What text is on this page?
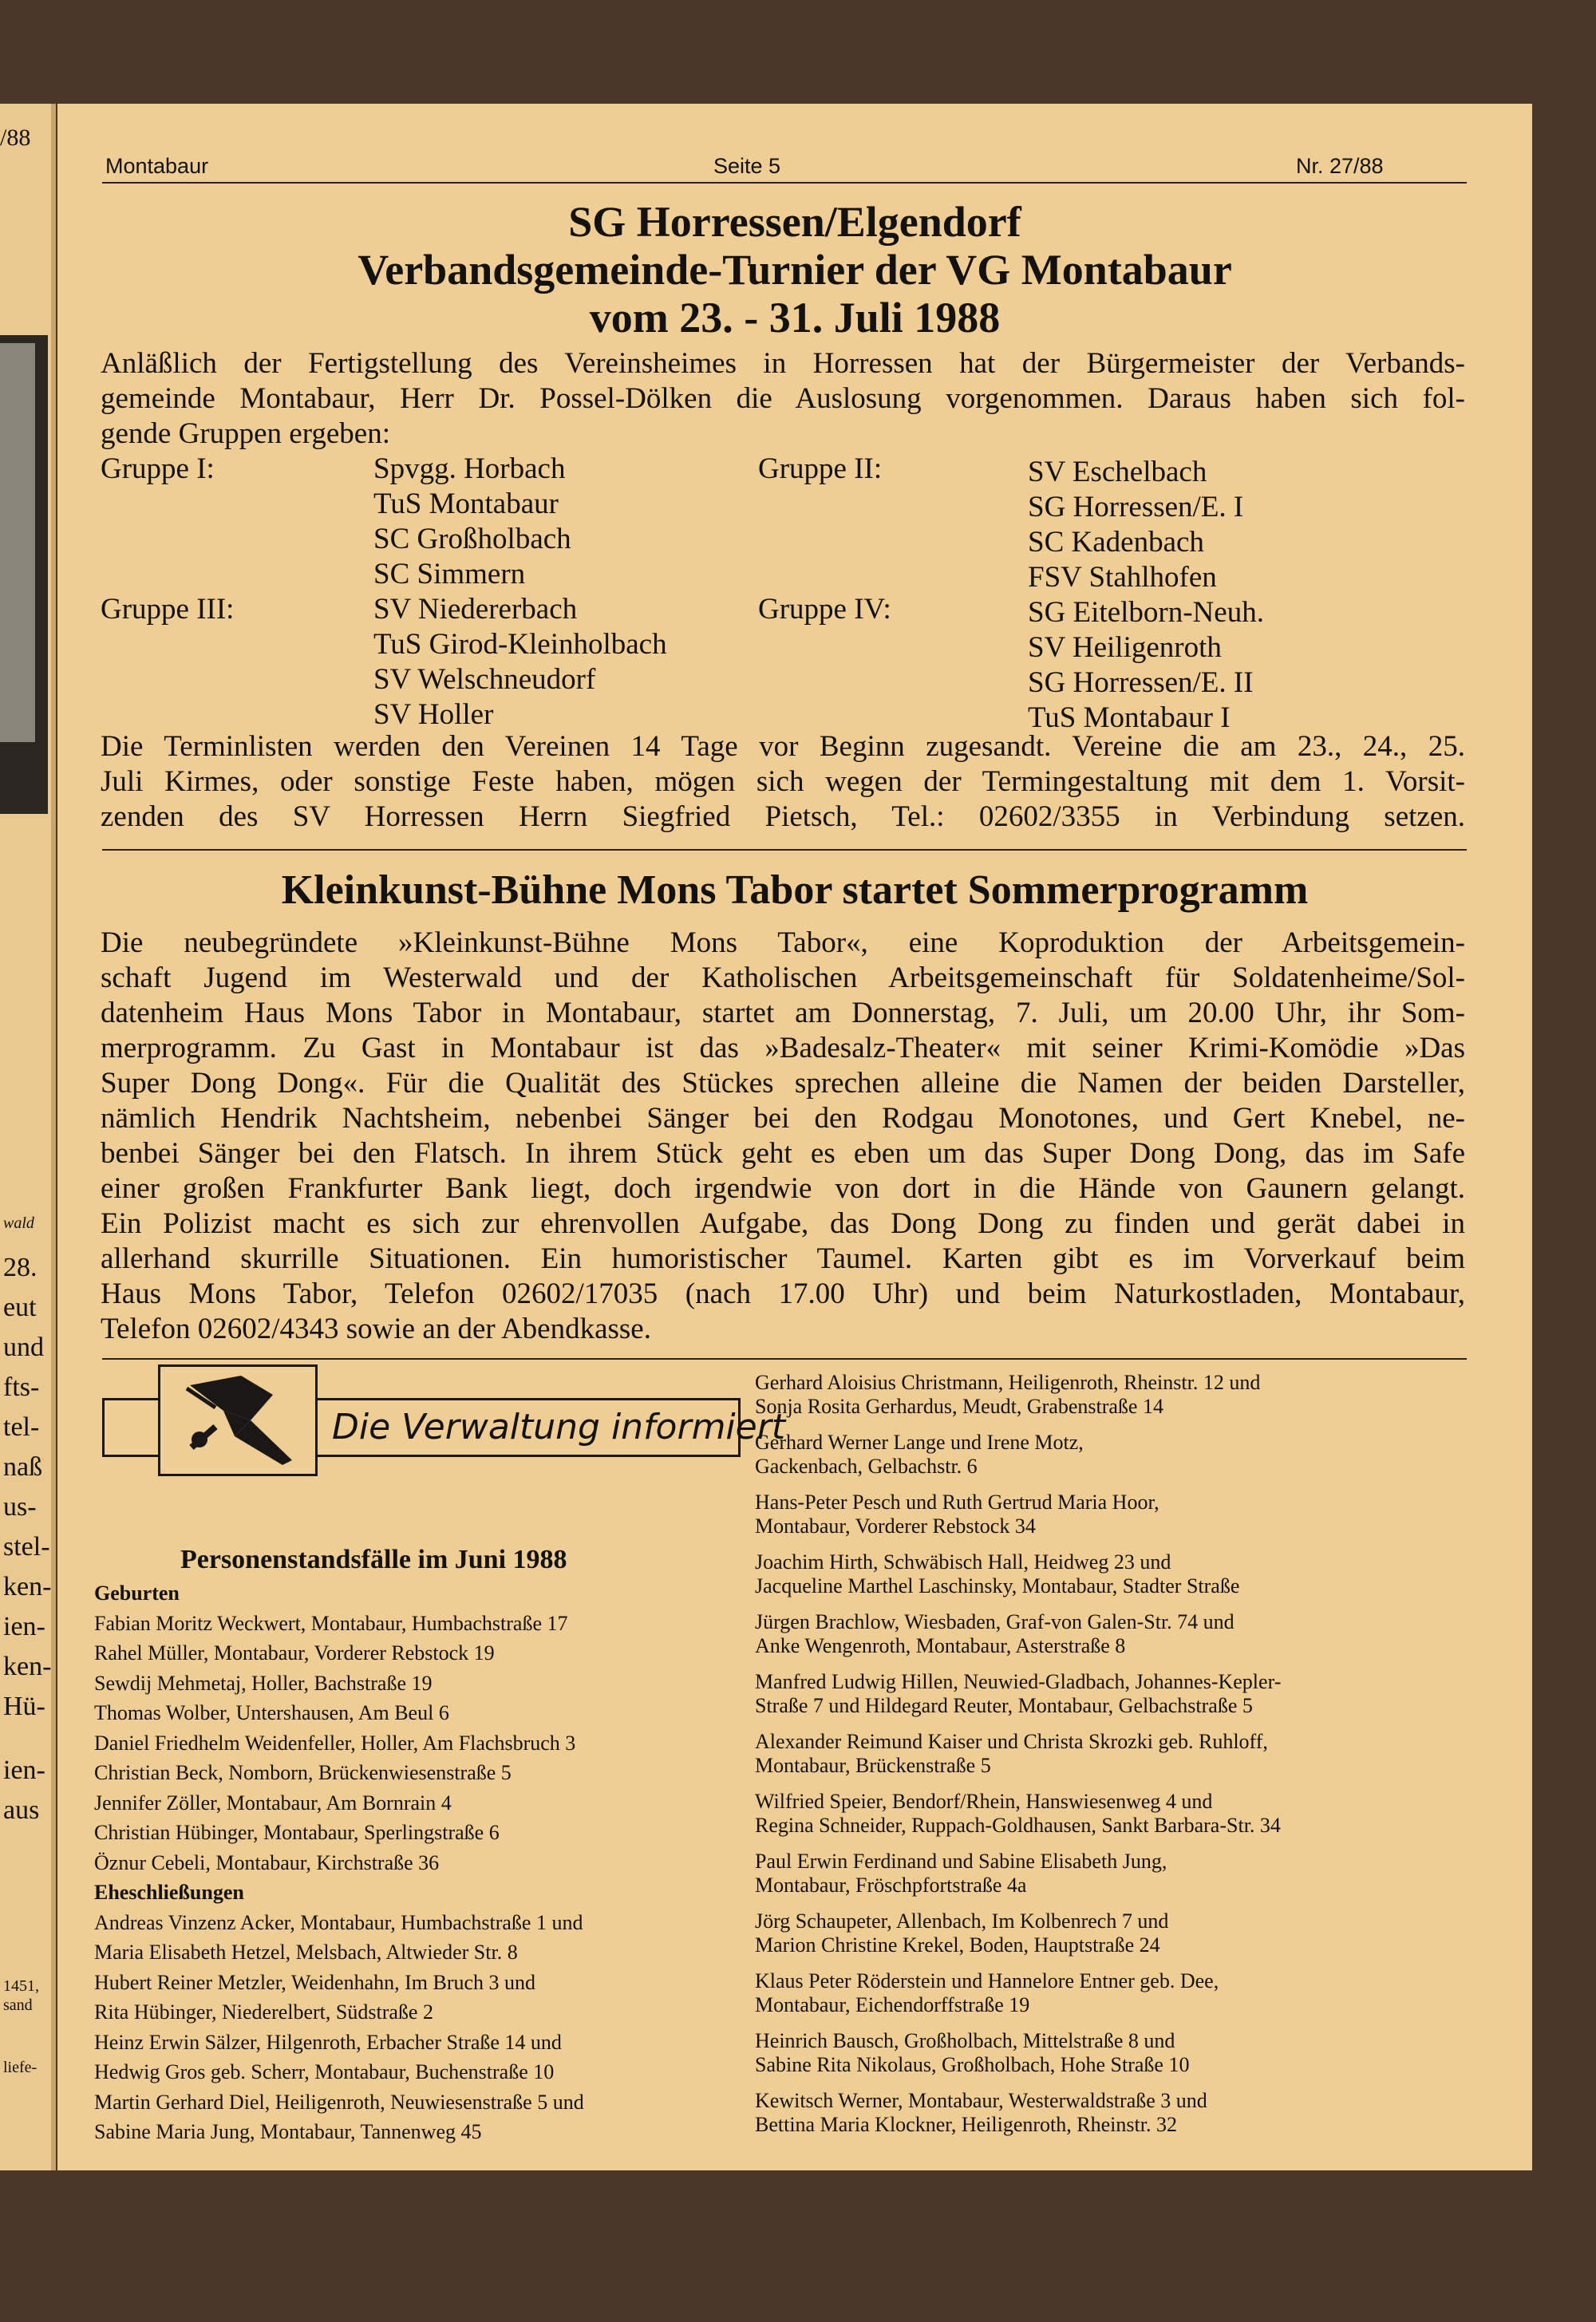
/88
wald
28.
eut
und
fts-
tel-
naß
us-
stel-
ken-
ien-
ken-
Hü-
ien-
aus
1451,
sand
liefe-
Montabaur	Seite 5	Nr. 27/88
SG Horressen/Elgendorf
Verbandsgemeinde-Turnier der VG Montabaur
vom 23. - 31. Juli 1988
Anläßlich der Fertigstellung des Vereinsheimes in Horressen hat der Bürgermeister der Verbands-
gemeinde Montabaur, Herr Dr. Possel-Dölken die Auslosung vorgenommen. Daraus haben sich fol-
gende Gruppen ergeben:
Gruppe I:	Spvgg. Horbach
TuS Montabaur
SC Großholbach
SC Simmern
Gruppe II:	SV Eschelbach
SG Horressen/E. I
SC Kadenbach
FSV Stahlhofen
Gruppe III:	SV Niedererbach
TuS Girod-Kleinholbach
SV Welschneudorf
SV Holler
Gruppe IV:	SG Eitelborn-Neuh.
SV Heiligenroth
SG Horressen/E. II
TuS Montabaur I
Die Terminlisten werden den Vereinen 14 Tage vor Beginn zugesandt. Vereine die am 23., 24., 25.
Juli Kirmes, oder sonstige Feste haben, mögen sich wegen der Termingestaltung mit dem 1. Vorsit-
zenden des SV Horressen Herrn Siegfried Pietsch, Tel.: 02602/3355 in Verbindung setzen.
Kleinkunst-Bühne Mons Tabor startet Sommerprogramm
Die neubegründete »Kleinkunst-Bühne Mons Tabor«, eine Koproduktion der Arbeitsgemein-
schaft Jugend im Westerwald und der Katholischen Arbeitsgemeinschaft für Soldatenheime/Sol-
datenheim Haus Mons Tabor in Montabaur, startet am Donnerstag, 7. Juli, um 20.00 Uhr, ihr Som-
merprogramm. Zu Gast in Montabaur ist das »Badesalz-Theater« mit seiner Krimi-Komödie »Das
Super Dong Dong«. Für die Qualität des Stückes sprechen alleine die Namen der beiden Darsteller,
nämlich Hendrik Nachtsheim, nebenbei Sänger bei den Rodgau Monotones, und Gert Knebel, ne-
benbei Sänger bei den Flatsch. In ihrem Stück geht es eben um das Super Dong Dong, das im Safe
einer großen Frankfurter Bank liegt, doch irgendwie von dort in die Hände von Gaunern gelangt.
Ein Polizist macht es sich zur ehrenvollen Aufgabe, das Dong Dong zu finden und gerät dabei in
allerhand skurrille Situationen. Ein humoristischer Taumel. Karten gibt es im Vorverkauf beim
Haus Mons Tabor, Telefon 02602/17035 (nach 17.00 Uhr) und beim Naturkostladen, Montabaur,
Telefon 02602/4343 sowie an der Abendkasse.
Die Verwaltung informiert
Personenstandsfälle im Juni 1988
Geburten
Fabian Moritz Weckwert, Montabaur, Humbachstraße 17
Rahel Müller, Montabaur, Vorderer Rebstock 19
Sewdij Mehmetaj, Holler, Bachstraße 19
Thomas Wolber, Untershausen, Am Beul 6
Daniel Friedhelm Weidenfeller, Holler, Am Flachsbruch 3
Christian Beck, Nomborn, Brückenwiesenstraße 5
Jennifer Zöller, Montabaur, Am Bornrain 4
Christian Hübinger, Montabaur, Sperlingstraße 6
Öznur Cebeli, Montabaur, Kirchstraße 36
Eheschließungen
Andreas Vinzenz Acker, Montabaur, Humbachstraße 1 und
Maria Elisabeth Hetzel, Melsbach, Altwieder Str. 8
Hubert Reiner Metzler, Weidenhahn, Im Bruch 3 und
Rita Hübinger, Niederelbert, Südstraße 2
Heinz Erwin Sälzer, Hilgenroth, Erbacher Straße 14 und
Hedwig Gros geb. Scherr, Montabaur, Buchenstraße 10
Martin Gerhard Diel, Heiligenroth, Neuwiesenstraße 5 und
Sabine Maria Jung, Montabaur, Tannenweg 45
Gerhard Aloisius Christmann, Heiligenroth, Rheinstr. 12 und
Sonja Rosita Gerhardus, Meudt, Grabenstraße 14
Gerhard Werner Lange und Irene Motz,
Gackenbach, Gelbachstr. 6
Hans-Peter Pesch und Ruth Gertrud Maria Hoor,
Montabaur, Vorderer Rebstock 34
Joachim Hirth, Schwäbisch Hall, Heidweg 23 und
Jacqueline Marthel Laschinsky, Montabaur, Stadter Straße
Jürgen Brachlow, Wiesbaden, Graf-von Galen-Str. 74 und
Anke Wengenroth, Montabaur, Asterstraße 8
Manfred Ludwig Hillen, Neuwied-Gladbach, Johannes-Kepler-
Straße 7 und Hildegard Reuter, Montabaur, Gelbachstraße 5
Alexander Reimund Kaiser und Christa Skrozki geb. Ruhloff,
Montabaur, Brückenstraße 5
Wilfried Speier, Bendorf/Rhein, Hanswiesenweg 4 und
Regina Schneider, Ruppach-Goldhausen, Sankt Barbara-Str. 34
Paul Erwin Ferdinand und Sabine Elisabeth Jung,
Montabaur, Fröschpfortstraße 4a
Jörg Schaupeter, Allenbach, Im Kolbenrech 7 und
Marion Christine Krekel, Boden, Hauptstraße 24
Klaus Peter Röderstein und Hannelore Entner geb. Dee,
Montabaur, Eichendorffstraße 19
Heinrich Bausch, Großholbach, Mittelstraße 8 und
Sabine Rita Nikolaus, Großholbach, Hohe Straße 10
Kewitsch Werner, Montabaur, Westerwaldstraße 3 und
Bettina Maria Klockner, Heiligenroth, Rheinstr. 32
